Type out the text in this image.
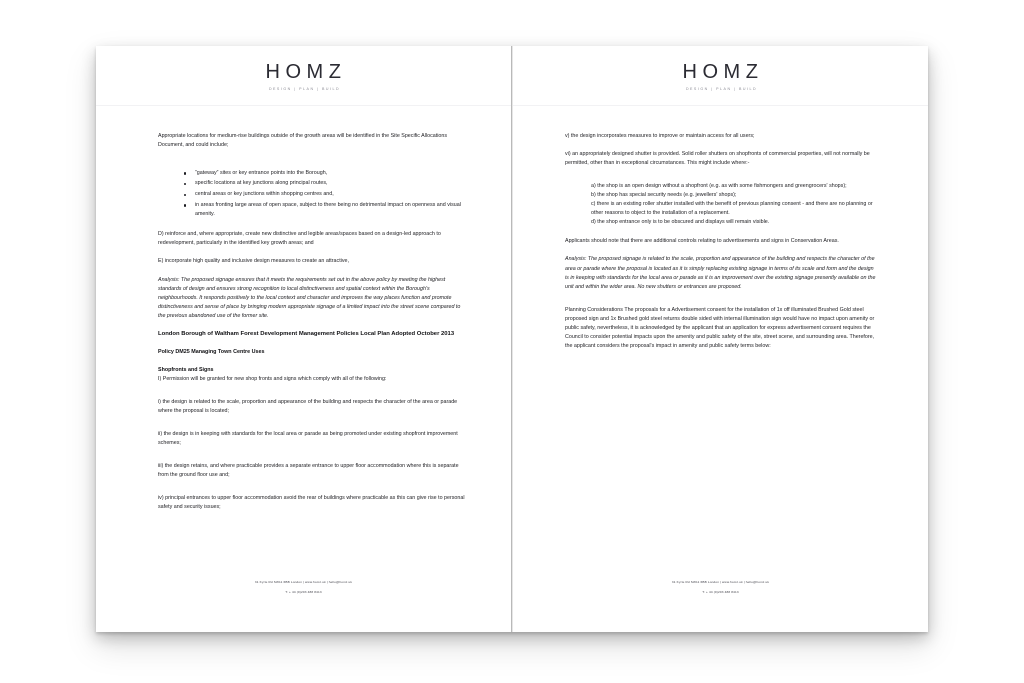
HOMZ
DESIGN | PLAN | BUILD

Appropriate locations for medium-rise buildings outside of the growth areas will be identified in the Site Specific Allocations Document, and could include;

“gateway” sites or key entrance points into the Borough,
specific locations at key junctions along principal routes,
central areas or key junctions within shopping centres and,
in areas fronting large areas of open space, subject to there being no detrimental impact on openness and visual amenity.

D) reinforce and, where appropriate, create new distinctive and legible areas/spaces based on a design-led approach to redevelopment, particularly in the identified key growth areas; and

E) incorporate high quality and inclusive design measures to create an attractive,

Analysis: The proposed signage ensures that it meets the requirements set out in the above policy by meeting the highest standards of design and ensures strong recognition to local distinctiveness and spatial context within the Borough's neighbourhoods. It responds positively to the local context and character and improves the way places function and promote distinctiveness and sense of place by bringing modern appropriate signage of a limited impact into the street scene compared to the previous abandoned use of the former site.

London Borough of Waltham Forest Development Management Policies Local Plan Adopted October 2013
Policy DM25 Managing Town Centre Uses
Shopfronts and Signs

I) Permission will be granted for new shop fronts and signs which comply with all of the following:

i) the design is related to the scale, proportion and appearance of the building and respects the character of the area or parade where the proposal is located;

ii) the design is in keeping with standards for the local area or parade as being promoted under existing shopfront improvement schemes;

iii) the design retains, and where practicable provides a separate entrance to upper floor accommodation where this is separate from the ground floor use and;

iv) principal entrances to upper floor accommodation avoid the rear of buildings where practicable as this can give rise to personal safety and security issues;

31 Kyrle Rd SW11 6BB London | www.homz.uk | hello@homz.uk
T: + 44 (0)203 488 8413
HOMZ
DESIGN | PLAN | BUILD

v) the design incorporates measures to improve or maintain access for all users;

vi) an appropriately designed shutter is provided. Solid roller shutters on shopfronts of commercial properties, will not normally be permitted, other than in exceptional circumstances. This might include where:-

a) the shop is an open design without a shopfront (e.g. as with some fishmongers and greengrocers' shops);

b) the shop has special security needs (e.g. jewellers' shops);

c) there is an existing roller shutter installed with the benefit of previous planning consent - and there are no planning or other reasons to object to the installation of a replacement.

d) the shop entrance only is to be obscured and displays will remain visible.

Applicants should note that there are additional controls relating to advertisements and signs in Conservation Areas.

Analysis: The proposed signage is related to the scale, proportion and appearance of the building and respects the character of the area or parade where the proposal is located as it is simply replacing existing signage in terms of its scale and form and the design is in keeping with standards for the local area or parade as it is an improvement over the existing signage presently available on the unit and within the wider area. No new shutters or entrances are proposed.

Planning Considerations The proposals for a Advertisement consent for the installation of 1x off illuminated Brushed Gold steel proposed sign and 1x Brushed gold steel returns double sided with internal illumination sign would have no impact upon amenity or public safety, nevertheless, it is acknowledged by the applicant that an application for express advertisement consent requires the Council to consider potential impacts upon the amenity and public safety of the site, street scene, and surrounding area. Therefore, the applicant considers the proposal's impact in amenity and public safety terms below:

31 Kyrle Rd SW11 6BB London | www.homz.uk | hello@homz.uk
T: + 44 (0)203 488 8413
